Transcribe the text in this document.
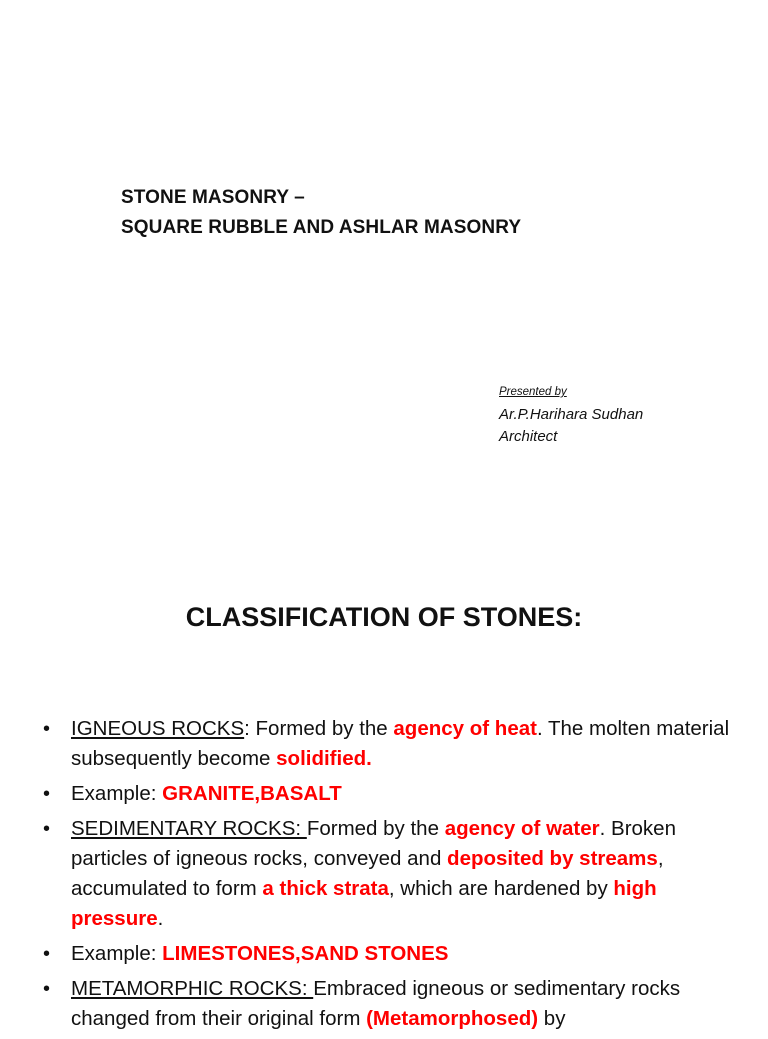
STONE MASONRY –
SQUARE RUBBLE AND ASHLAR MASONRY
Presented by
Ar.P.Harihara Sudhan
Architect
CLASSIFICATION OF STONES:
• IGNEOUS ROCKS: Formed by the agency of heat. The molten material subsequently become solidified.
• Example: GRANITE,BASALT
• SEDIMENTARY ROCKS: Formed by the agency of water. Broken particles of igneous rocks, conveyed and deposited by streams, accumulated to form a thick strata, which are hardened by high pressure.
• Example: LIMESTONES,SAND STONES
• METAMORPHIC ROCKS: Embraced igneous or sedimentary rocks changed from their original form (Metamorphosed) by
